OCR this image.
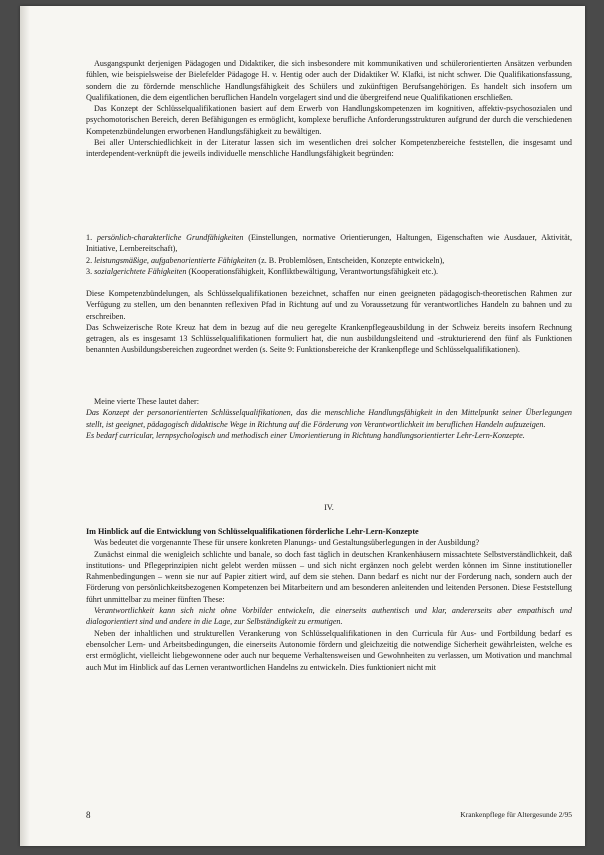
Ausgangspunkt derjenigen Pädagogen und Didaktiker, die sich insbesondere mit kommunikativen und schülerorientierten Ansätzen verbunden fühlen, wie beispielsweise der Bielefelder Pädagoge H. v. Hentig oder auch der Didaktiker W. Klafki, ist nicht schwer. Die Qualifikationsfassung, sondern die zu fördernde menschliche Handlungsfähigkeit des Schülers und zukünftigen Berufsangehörigen. Es handelt sich insofern um Qualifikationen, die dem eigentlichen beruflichen Handeln vorgelagert sind und die übergreifend neue Qualifikationen erschließen.

Das Konzept der Schlüsselqualifikationen basiert auf dem Erwerb von Handlungskompetenzen im kognitiven, affektiv-psychosozialen und psychomotorischen Bereich, deren Befähigungen es ermöglicht, komplexe berufliche Anforderungsstrukturen aufgrund der durch die verschiedenen Kompetenzbündelungen erworbenen Handlungsfähigkeit zu bewältigen.

Bei aller Unterschiedlichkeit in der Literatur lassen sich im wesentlichen drei solcher Kompetenzbereiche feststellen, die insgesamt und interdependent-verknüpft die jeweils individuelle menschliche Handlungsfähigkeit begründen:

1. persönlich-charakterliche Grundfähigkeiten (Einstellungen, normative Orientierungen, Haltungen, Eigenschaften wie Ausdauer, Aktivität, Initiative, Lernbereitschaft),

2. leistungsmäßige, aufgabenorientierte Fähigkeiten (z. B. Problemlösen, Entscheiden, Konzepte entwickeln),

3. sozialgerichtete Fähigkeiten (Kooperationsfähigkeit, Konfliktbewältigung, Verantwortungsfähigkeit etc.).

Diese Kompetenzbündelungen, als Schlüsselqualifikationen bezeichnet, schaffen nur einen geeigneten pädagogisch-theoretischen Rahmen zur Verfügung zu stellen, um den benannten reflexiven Pfad in Richtung auf und zu Voraussetzung für verantwortliches Handeln zu bahnen und zu erschreiben.

Das Schweizerische Rote Kreuz hat dem in bezug auf die neu geregelte Krankenpflegeausbildung in der Schweiz bereits insofern Rechnung getragen, als es insgesamt 13 Schlüsselqualifikationen formuliert hat, die nun ausbildungsleitend und -strukturierend den fünf als Funktionen benannten Ausbildungsbereichen zugeordnet werden (s. Seite 9: Funktionsbereiche der Krankenpflege und Schlüsselqualifikationen).

Meine vierte These lautet daher:

Das Konzept der personorientierten Schlüsselqualifikationen, das die menschliche Handlungsfähigkeit in den Mittelpunkt seiner Überlegungen stellt, ist geeignet, pädagogisch didaktische Wege in Richtung auf die Förderung von Verantwortlichkeit im beruflichen Handeln aufzuzeigen.

Es bedarf curricular, lernpsychologisch und methodisch einer Umorientierung in Richtung handlungsorientierter Lehr-Lern-Konzepte.

IV.

Im Hinblick auf die Entwicklung von Schlüsselqualifikationen förderliche Lehr-Lern-Konzepte

Was bedeutet die vorgenannte These für unsere konkreten Planungs- und Gestaltungsüberlegungen in der Ausbildung?

Zunächst einmal die wenigleich schlichte und banale, so doch fast täglich in deutschen Krankenhäusern missachtete Selbstverständlichkeit, daß institutions- und Pflegeprinzipien nicht gelebt werden müssen – und sich nicht ergänzen noch gelebt werden können im Sinne institutioneller Rahmenbedingungen – wenn sie nur auf Papier zitiert wird, auf dem sie stehen. Dann bedarf es nicht nur der Forderung nach, sondern auch der Förderung von persönlichkeitsbezogenen Kompetenzen bei Mitarbeitern und am besonderen anleitenden und leitenden Personen. Diese Feststellung führt unmittelbar zu meiner fünften These:

Verantwortlichkeit kann sich nicht ohne Vorbilder entwickeln, die einerseits authentisch und klar, andererseits aber empathisch und dialogorientiert sind und andere in die Lage, zur Selbständigkeit zu ermutigen.

Neben der inhaltlichen und strukturellen Verankerung von Schlüsselqualifikationen in den Curricula für Aus- und Fortbildung bedarf es ebensolcher Lern- und Arbeitsbedingungen, die einerseits Autonomie fördern und gleichzeitig die notwendige Sicherheit gewährleisten, welche es erst ermöglicht, vielleicht liebgewonnene oder auch nur bequeme Verhaltensweisen und Gewohnheiten zu verlassen, um Motivation und manchmal auch Mut im Hinblick auf das Lernen verantwortlichen Handelns zu entwickeln. Dies funktioniert nicht mit

8	Krankenpflege für Altergesunde 2/95
